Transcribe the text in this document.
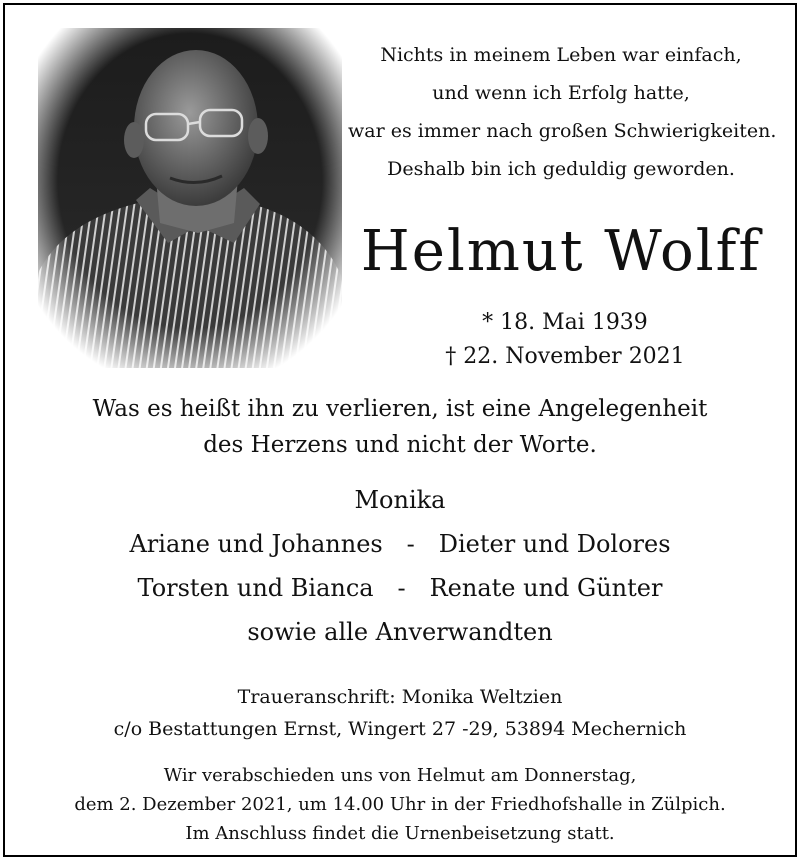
Nichts in meinem Leben war einfach,
und wenn ich Erfolg hatte,
war es immer nach großen Schwierigkeiten.
Deshalb bin ich geduldig geworden.
Helmut Wolff
* 18. Mai 1939
† 22. November 2021
Was es heißt ihn zu verlieren, ist eine Angelegenheit
des Herzens und nicht der Worte.
Monika
Ariane und Johannes - Dieter und Dolores
Torsten und Bianca - Renate und Günter
sowie alle Anverwandten
Traueranschrift: Monika Weltzien
c/o Bestattungen Ernst, Wingert 27 -29, 53894 Mechernich
Wir verabschieden uns von Helmut am Donnerstag,
dem 2. Dezember 2021, um 14.00 Uhr in der Friedhofshalle in Zülpich.
Im Anschluss findet die Urnenbeisetzung statt.
